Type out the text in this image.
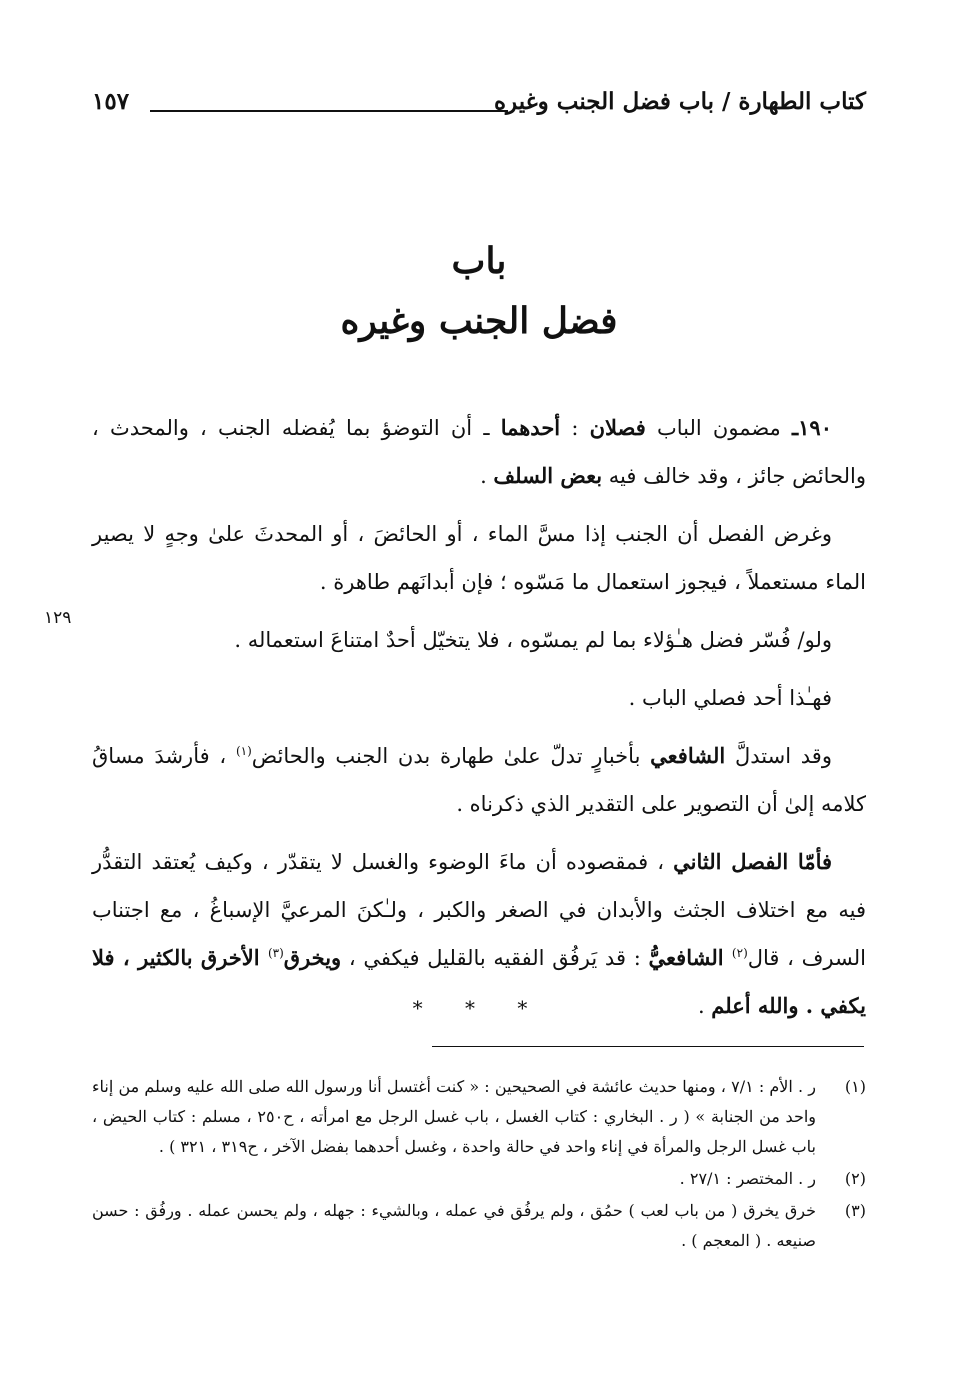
كتاب الطهارة / باب فضل الجنب وغيره
١٥٧
باب
فضل الجنب وغيره
١٢٩

١٩٠ـ مضمون الباب فصلان : أحدهما ـ أن التوضؤ بما يُفضله الجنب ، والمحدث ، والحائض جائز ، وقد خالف فيه بعض السلف .

وغرض الفصل أن الجنب إذا مسَّ الماء ، أو الحائضَ ، أو المحدثَ علىٰ وجهٍ لا يصير الماء مستعملاً ، فيجوز استعمال ما مَسّوه ؛ فإن أبدانَهم طاهرة .

ولو/ فُسّر فضل هـٰؤلاء بما لم يمسّوه ، فلا يتخيّل أحدٌ امتناعَ استعماله .

فهـٰذا أحد فصلي الباب .

وقد استدلَّ الشافعي بأخبارٍ تدلّ علىٰ طهارة بدن الجنب والحائض$^{(١)}$ ، فأرشدَ مساقُ كلامه إلىٰ أن التصوير على التقدير الذي ذكرناه .

فأمّا الفصل الثاني ، فمقصوده أن ماءَ الوضوء والغسل لا يتقدّر ، وكيف يُعتقد التقدُّر فيه مع اختلاف الجثث والأبدان في الصغر والكبر ، ولـٰكنَ المرعيَّ الإسباغُ ، مع اجتناب السرف ، قال$^{(٢)}$ الشافعيُّ : قد يَرفُق الفقيه بالقليل فيكفي ، ويخرق$^{(٣)}$ الأخرق بالكثير ، فلا يكفي . والله أعلم .

* * *
(١)
ر . الأم : ٧/١ ، ومنها حديث عائشة في الصحيحين : « كنت أغتسل أنا ورسول الله صلى الله عليه وسلم من إناء واحد من الجنابة » ( ر . البخاري : كتاب الغسل ، باب غسل الرجل مع امرأته ، ح٢٥٠ ، مسلم : كتاب الحيض ، باب غسل الرجل والمرأة في إناء واحد في حالة واحدة ، وغسل أحدهما بفضل الآخر ، ح٣١٩ ، ٣٢١ ) .
(٢)
ر . المختصر : ٢٧/١ .
(٣)
خرق يخرق ( من باب لعب ) حمُق ، ولم يرفُق في عمله ، وبالشيء : جهله ، ولم يحسن عمله . ورفُق : حسن صنيعه . ( المعجم ) .
